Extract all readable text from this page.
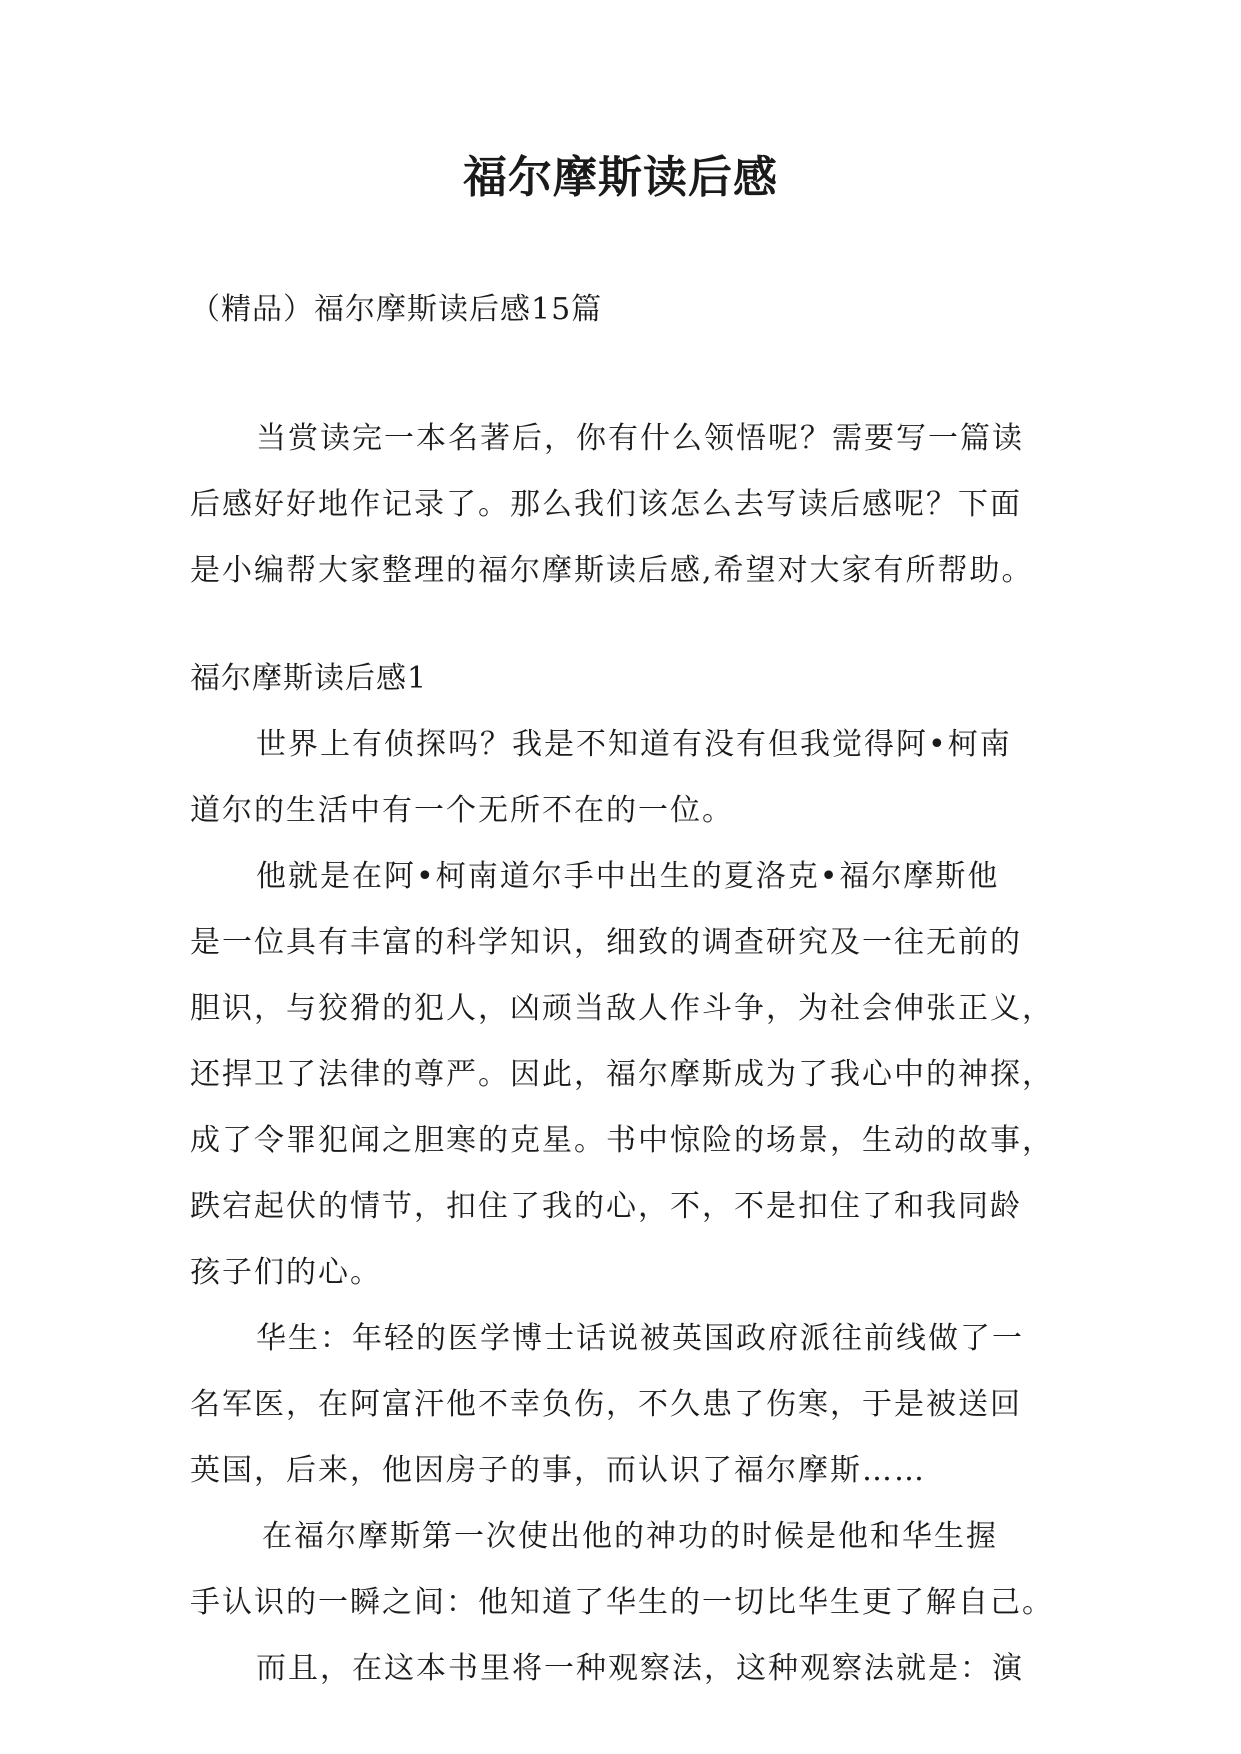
福尔摩斯读后感
（精品）福尔摩斯读后感15篇
当赏读完一本名著后，你有什么领悟呢？需要写一篇读
后感好好地作记录了。那么我们该怎么去写读后感呢？下面
是小编帮大家整理的福尔摩斯读后感,希望对大家有所帮助。
福尔摩斯读后感1
世界上有侦探吗？我是不知道有没有但我觉得阿•柯南
道尔的生活中有一个无所不在的一位。
他就是在阿•柯南道尔手中出生的夏洛克•福尔摩斯他
是一位具有丰富的科学知识，细致的调查研究及一往无前的
胆识，与狡猾的犯人，凶顽当敌人作斗争，为社会伸张正义，
还捍卫了法律的尊严。因此，福尔摩斯成为了我心中的神探，
成了令罪犯闻之胆寒的克星。书中惊险的场景，生动的故事，
跌宕起伏的情节，扣住了我的心，不，不是扣住了和我同龄
孩子们的心。
华生：年轻的医学博士话说被英国政府派往前线做了一
名军医，在阿富汗他不幸负伤，不久患了伤寒，于是被送回
英国，后来，他因房子的事，而认识了福尔摩斯……
在福尔摩斯第一次使出他的神功的时候是他和华生握
手认识的一瞬之间：他知道了华生的一切比华生更了解自己。
而且，在这本书里将一种观察法，这种观察法就是：演
